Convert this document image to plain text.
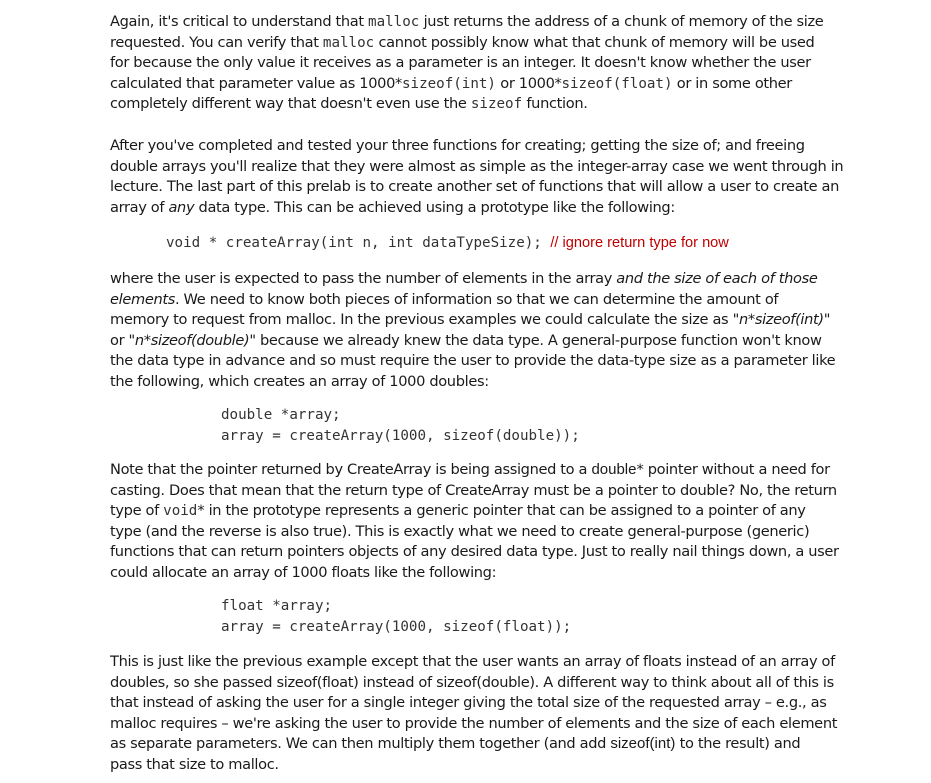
Again, it's critical to understand that malloc just returns the address of a chunk of memory of the size
requested. You can verify that malloc cannot possibly know what that chunk of memory will be used
for because the only value it receives as a parameter is an integer. It doesn't know whether the user
calculated that parameter value as 1000*sizeof(int) or 1000*sizeof(float) or in some other
completely different way that doesn't even use the sizeof function.

After you've completed and tested your three functions for creating; getting the size of; and freeing
double arrays you'll realize that they were almost as simple as the integer-array case we went through in
lecture. The last part of this prelab is to create another set of functions that will allow a user to create an
array of any data type. This can be achieved using a prototype like the following:

void * createArray(int n, int dataTypeSize); // ignore return type for now

where the user is expected to pass the number of elements in the array and the size of each of those
elements. We need to know both pieces of information so that we can determine the amount of
memory to request from malloc. In the previous examples we could calculate the size as "n*sizeof(int)"
or "n*sizeof(double)" because we already knew the data type. A general-purpose function won't know
the data type in advance and so must require the user to provide the data-type size as a parameter like
the following, which creates an array of 1000 doubles:

double *array;
array = createArray(1000, sizeof(double));

Note that the pointer returned by CreateArray is being assigned to a double* pointer without a need for
casting. Does that mean that the return type of CreateArray must be a pointer to double? No, the return
type of void* in the prototype represents a generic pointer that can be assigned to a pointer of any
type (and the reverse is also true). This is exactly what we need to create general-purpose (generic)
functions that can return pointers objects of any desired data type. Just to really nail things down, a user
could allocate an array of 1000 floats like the following:

float *array;
array = createArray(1000, sizeof(float));

This is just like the previous example except that the user wants an array of floats instead of an array of
doubles, so she passed sizeof(float) instead of sizeof(double). A different way to think about all of this is
that instead of asking the user for a single integer giving the total size of the requested array – e.g., as
malloc requires – we're asking the user to provide the number of elements and the size of each element
as separate parameters. We can then multiply them together (and add sizeof(int) to the result) and
pass that size to malloc.
